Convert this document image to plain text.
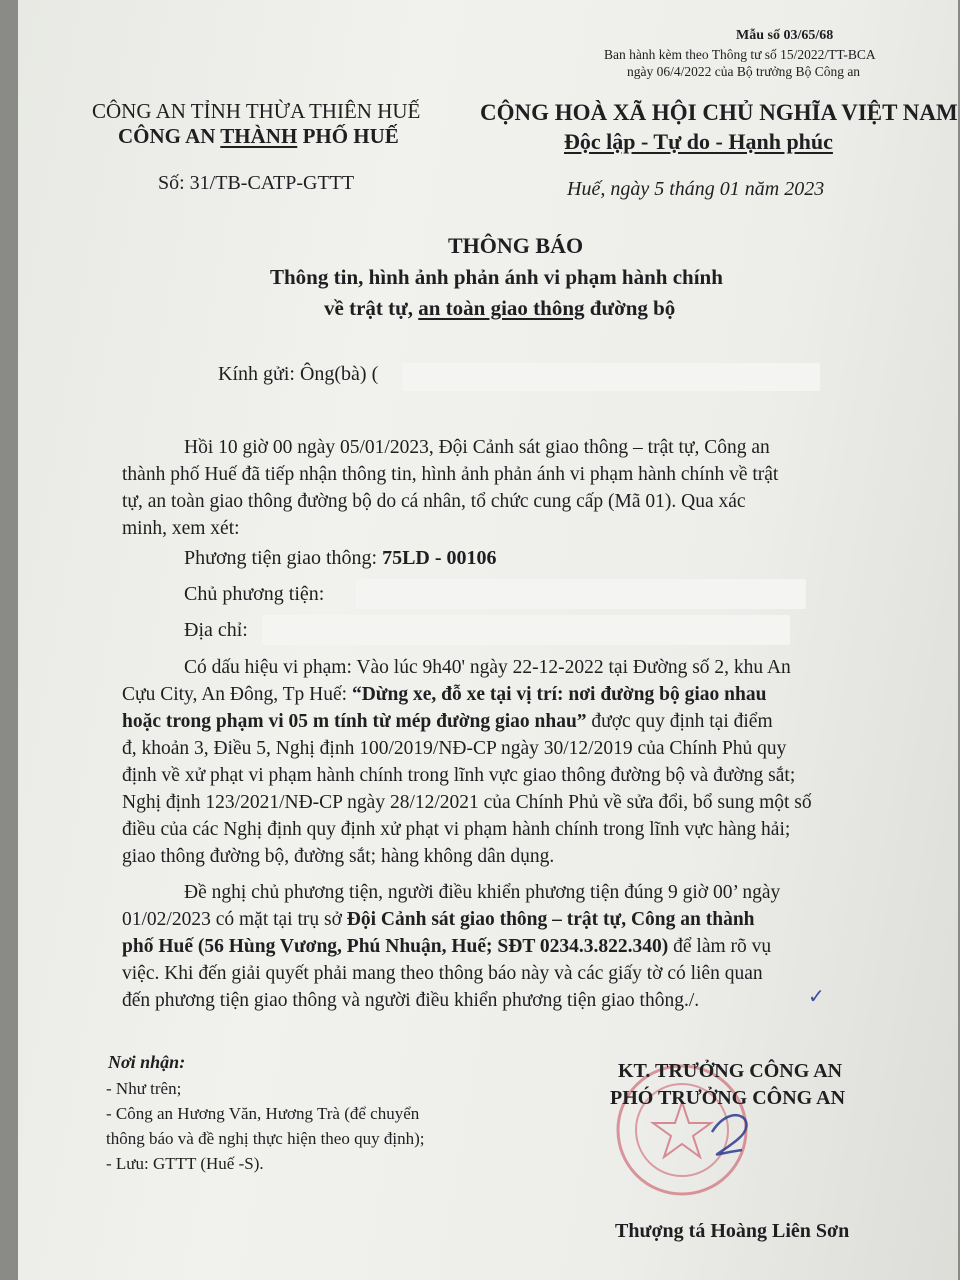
Mẫu số 03/65/68
Ban hành kèm theo Thông tư số 15/2022/TT-BCA
ngày 06/4/2022 của Bộ trưởng Bộ Công an
CÔNG AN TỈNH THỪA THIÊN HUẾ
CÔNG AN THÀNH PHỐ HUẾ
Số: 31/TB-CATP-GTTT
CỘNG HOÀ XÃ HỘI CHỦ NGHĨA VIỆT NAM
Độc lập - Tự do - Hạnh phúc
Huế, ngày 5 tháng 01 năm 2023
THÔNG BÁO
Thông tin, hình ảnh phản ánh vi phạm hành chính
về trật tự, an toàn giao thông đường bộ
Kính gửi: Ông(bà) (
Hồi 10 giờ 00 ngày 05/01/2023, Đội Cảnh sát giao thông – trật tự, Công an
thành phố Huế đã tiếp nhận thông tin, hình ảnh phản ánh vi phạm hành chính về trật
tự, an toàn giao thông đường bộ do cá nhân, tổ chức cung cấp (Mã 01). Qua xác
minh, xem xét:
Phương tiện giao thông: 75LD - 00106
Chủ phương tiện:
Địa chỉ:
Có dấu hiệu vi phạm: Vào lúc 9h40' ngày 22-12-2022 tại Đường số 2, khu An
Cựu City, An Đông, Tp Huế: “Dừng xe, đỗ xe tại vị trí: nơi đường bộ giao nhau
hoặc trong phạm vi 05 m tính từ mép đường giao nhau” được quy định tại điểm
đ, khoản 3, Điều 5, Nghị định 100/2019/NĐ-CP ngày 30/12/2019 của Chính Phủ quy
định về xử phạt vi phạm hành chính trong lĩnh vực giao thông đường bộ và đường sắt;
Nghị định 123/2021/NĐ-CP ngày 28/12/2021 của Chính Phủ về sửa đổi, bổ sung một số
điều của các Nghị định quy định xử phạt vi phạm hành chính trong lĩnh vực hàng hải;
giao thông đường bộ, đường sắt; hàng không dân dụng.
Đề nghị chủ phương tiện, người điều khiển phương tiện đúng 9 giờ 00’ ngày
01/02/2023 có mặt tại trụ sở Đội Cảnh sát giao thông – trật tự, Công an thành
phố Huế (56 Hùng Vương, Phú Nhuận, Huế; SĐT 0234.3.822.340) để làm rõ vụ
việc. Khi đến giải quyết phải mang theo thông báo này và các giấy tờ có liên quan
đến phương tiện giao thông và người điều khiển phương tiện giao thông./.	✓
Nơi nhận:
- Như trên;
- Công an Hương Văn, Hương Trà (để chuyển
thông báo và đề nghị thực hiện theo quy định);
- Lưu: GTTT (Huế -S).
KT. TRƯỞNG CÔNG AN
PHÓ TRƯỞNG CÔNG AN
Thượng tá Hoàng Liên Sơn
